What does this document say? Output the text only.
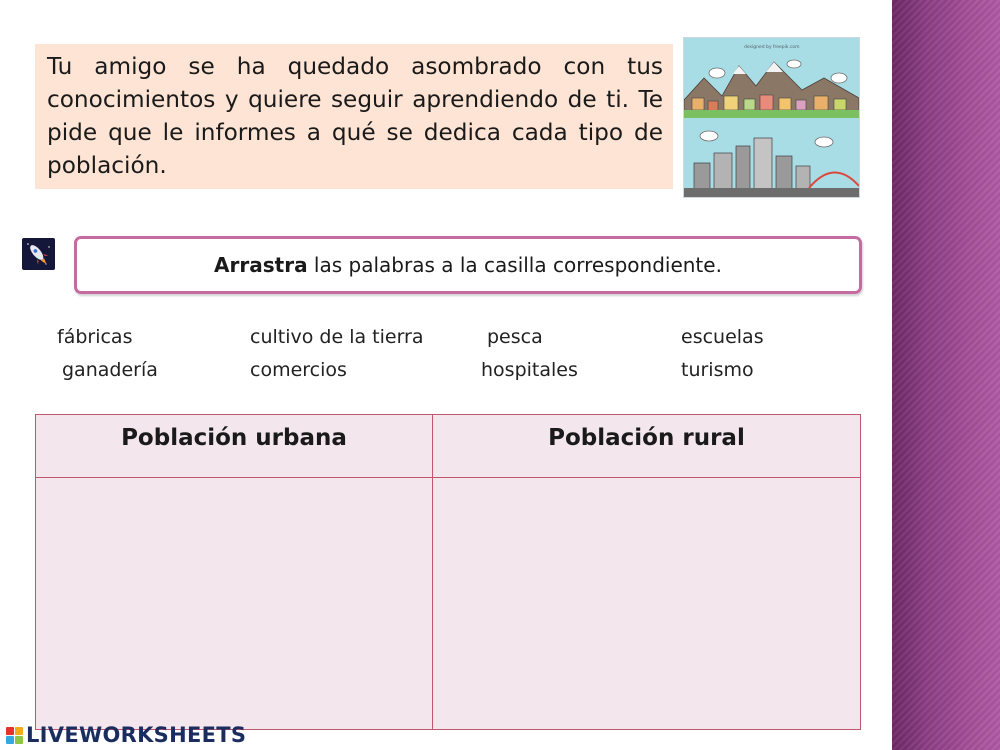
Tu amigo se ha quedado asombrado con tus conocimientos y quiere seguir aprendiendo de ti. Te pide que le informes a qué se dedica cada tipo de población.

designed by freepik.com
Arrastra las palabras a la casilla correspondiente.
fábricas	cultivo de la tierra	pesca	escuelas
ganadería	comercios	hospitales	turismo
Población urbana	Población rural

LIVEWORKSHEETS
